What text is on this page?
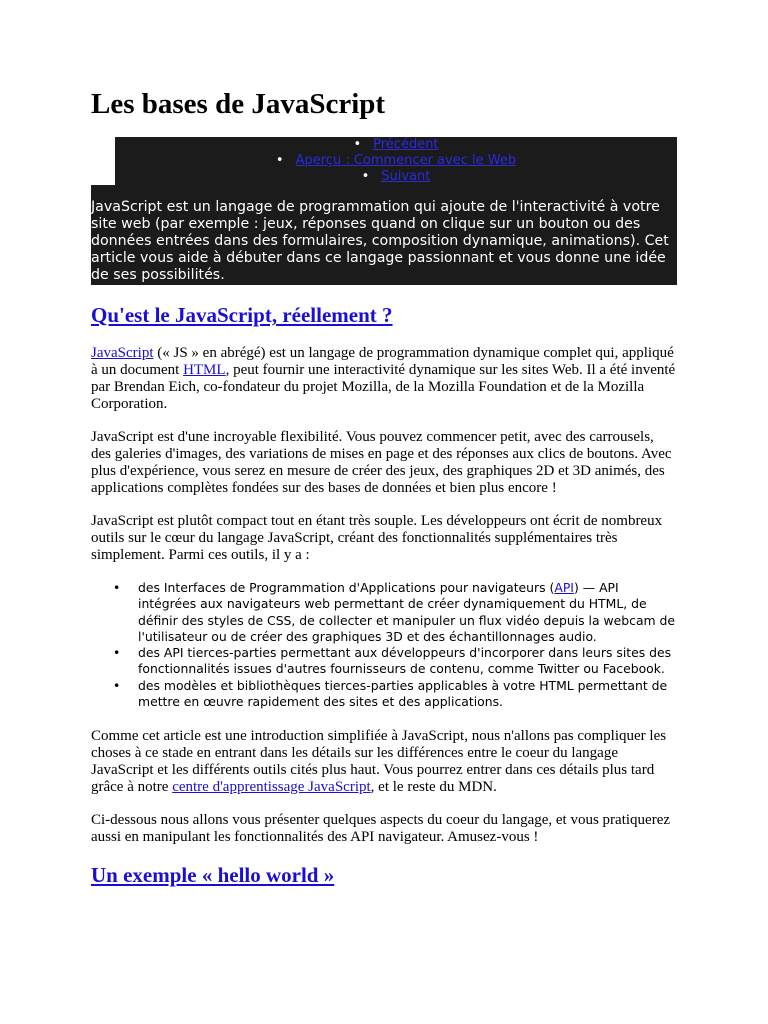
Les bases de JavaScript
• Précédent
• Aperçu : Commencer avec le Web
• Suivant
JavaScript est un langage de programmation qui ajoute de l'interactivité à votre site web (par exemple : jeux, réponses quand on clique sur un bouton ou des données entrées dans des formulaires, composition dynamique, animations). Cet article vous aide à débuter dans ce langage passionnant et vous donne une idée de ses possibilités.
Qu'est le JavaScript, réellement ?

JavaScript (« JS » en abrégé) est un langage de programmation dynamique complet qui, appliqué à un document HTML, peut fournir une interactivité dynamique sur les sites Web. Il a été inventé par Brendan Eich, co-fondateur du projet Mozilla, de la Mozilla Foundation et de la Mozilla Corporation.

JavaScript est d'une incroyable flexibilité. Vous pouvez commencer petit, avec des carrousels, des galeries d'images, des variations de mises en page et des réponses aux clics de boutons. Avec plus d'expérience, vous serez en mesure de créer des jeux, des graphiques 2D et 3D animés, des applications complètes fondées sur des bases de données et bien plus encore !

JavaScript est plutôt compact tout en étant très souple. Les développeurs ont écrit de nombreux outils sur le cœur du langage JavaScript, créant des fonctionnalités supplémentaires très simplement. Parmi ces outils, il y a :

• des Interfaces de Programmation d'Applications pour navigateurs (API) — API intégrées aux navigateurs web permettant de créer dynamiquement du HTML, de définir des styles de CSS, de collecter et manipuler un flux vidéo depuis la webcam de l'utilisateur ou de créer des graphiques 3D et des échantillonnages audio.
• des API tierces-parties permettant aux développeurs d'incorporer dans leurs sites des fonctionnalités issues d'autres fournisseurs de contenu, comme Twitter ou Facebook.
• des modèles et bibliothèques tierces-parties applicables à votre HTML permettant de mettre en œuvre rapidement des sites et des applications.

Comme cet article est une introduction simplifiée à JavaScript, nous n'allons pas compliquer les choses à ce stade en entrant dans les détails sur les différences entre le coeur du langage JavaScript et les différents outils cités plus haut. Vous pourrez entrer dans ces détails plus tard grâce à notre centre d'apprentissage JavaScript, et le reste du MDN.

Ci-dessous nous allons vous présenter quelques aspects du coeur du langage, et vous pratiquerez aussi en manipulant les fonctionnalités des API navigateur. Amusez-vous !

Un exemple « hello world »
